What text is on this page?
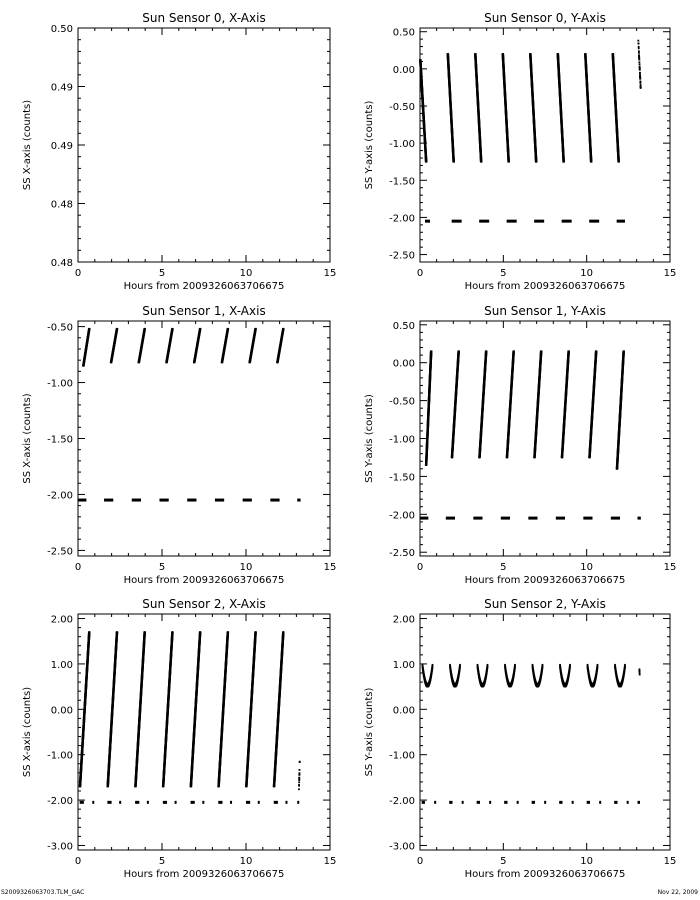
Sun Sensor 0, X-Axis
0	5	10	15
0.48
0.48
0.49
0.49
0.50
Hours from 2009326063706675
SS X-axis (counts)
Sun Sensor 0, Y-Axis
0	5	10	15
-2.50
-2.00
-1.50
-1.00
-0.50
0.00
0.50
Hours from 2009326063706675
SS Y-axis (counts)
Sun Sensor 1, X-Axis
0	5	10	15
-2.50
-2.00
-1.50
-1.00
-0.50
Hours from 2009326063706675
SS X-axis (counts)
Sun Sensor 1, Y-Axis
0	5	10	15
-2.50
-2.00
-1.50
-1.00
-0.50
0.00
0.50
Hours from 2009326063706675
SS Y-axis (counts)
Sun Sensor 2, X-Axis
0	5	10	15
-3.00
-2.00
-1.00
0.00
1.00
2.00
Hours from 2009326063706675
SS X-axis (counts)
Sun Sensor 2, Y-Axis
0	5	10	15
-3.00
-2.00
-1.00
0.00
1.00
2.00
Hours from 2009326063706675
SS Y-axis (counts)
S2009326063703.TLM_GAC	Nov 22, 2009
